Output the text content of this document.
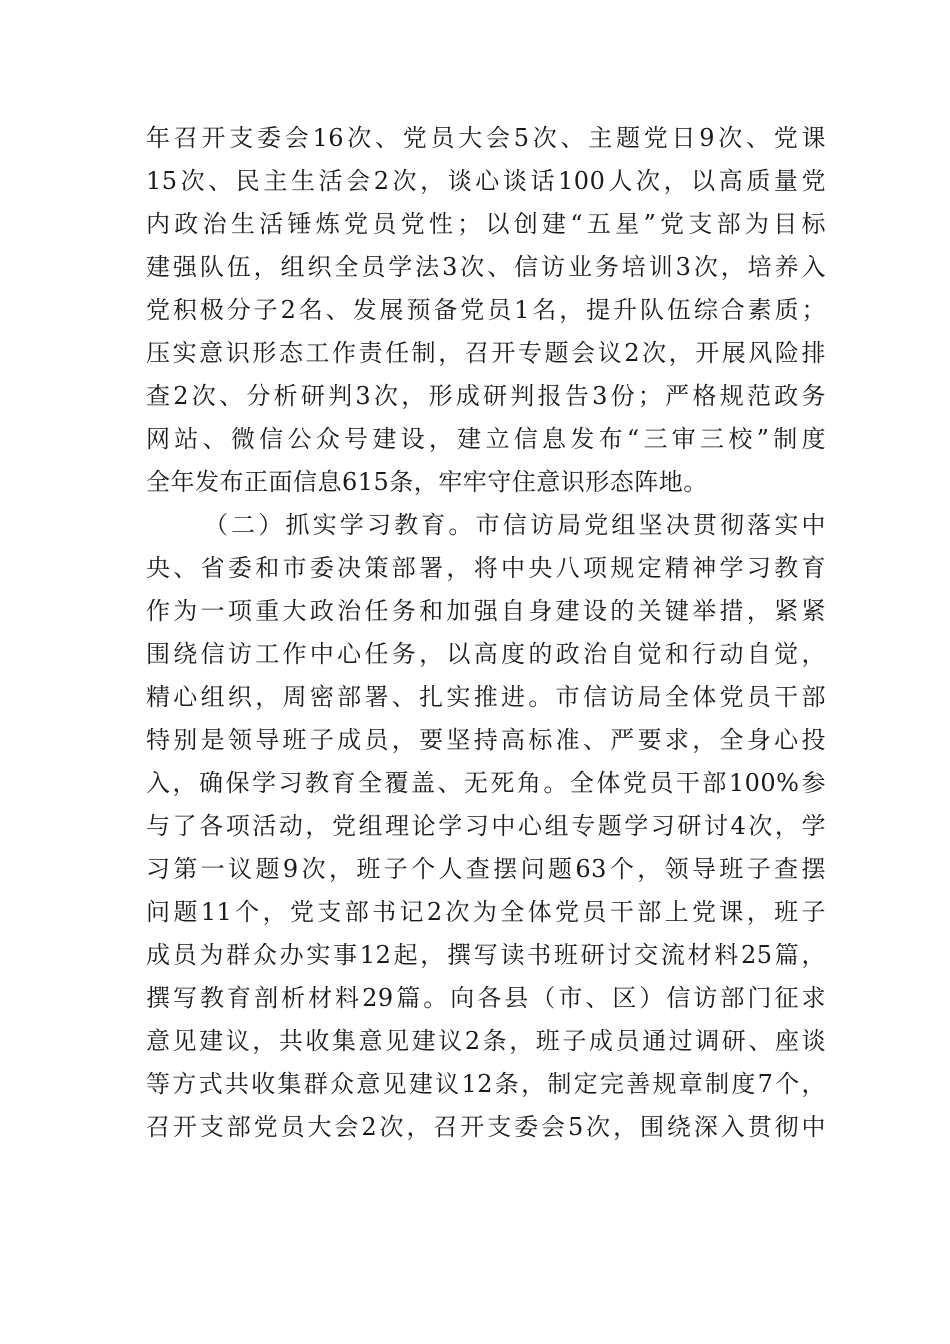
年召开支委会16次、党员大会5次、主题党日9次、党课
15次、民主生活会2次，谈心谈话100人次，以高质量党
内政治生活锤炼党员党性；以创建“五星”党支部为目标
建强队伍，组织全员学法3次、信访业务培训3次，培养入
党积极分子2名、发展预备党员1名，提升队伍综合素质；
压实意识形态工作责任制，召开专题会议2次，开展风险排
查2次、分析研判3次，形成研判报告3份；严格规范政务
网站、微信公众号建设，建立信息发布“三审三校”制度
全年发布正面信息615条，牢牢守住意识形态阵地。
（二）抓实学习教育。市信访局党组坚决贯彻落实中
央、省委和市委决策部署，将中央八项规定精神学习教育
作为一项重大政治任务和加强自身建设的关键举措，紧紧
围绕信访工作中心任务，以高度的政治自觉和行动自觉，
精心组织，周密部署、扎实推进。市信访局全体党员干部
特别是领导班子成员，要坚持高标准、严要求，全身心投
入，确保学习教育全覆盖、无死角。全体党员干部100%参
与了各项活动，党组理论学习中心组专题学习研讨4次，学
习第一议题9次，班子个人查摆问题63个，领导班子查摆
问题11个，党支部书记2次为全体党员干部上党课，班子
成员为群众办实事12起，撰写读书班研讨交流材料25篇，
撰写教育剖析材料29篇。向各县（市、区）信访部门征求
意见建议，共收集意见建议2条，班子成员通过调研、座谈
等方式共收集群众意见建议12条，制定完善规章制度7个，
召开支部党员大会2次，召开支委会5次，围绕深入贯彻中
